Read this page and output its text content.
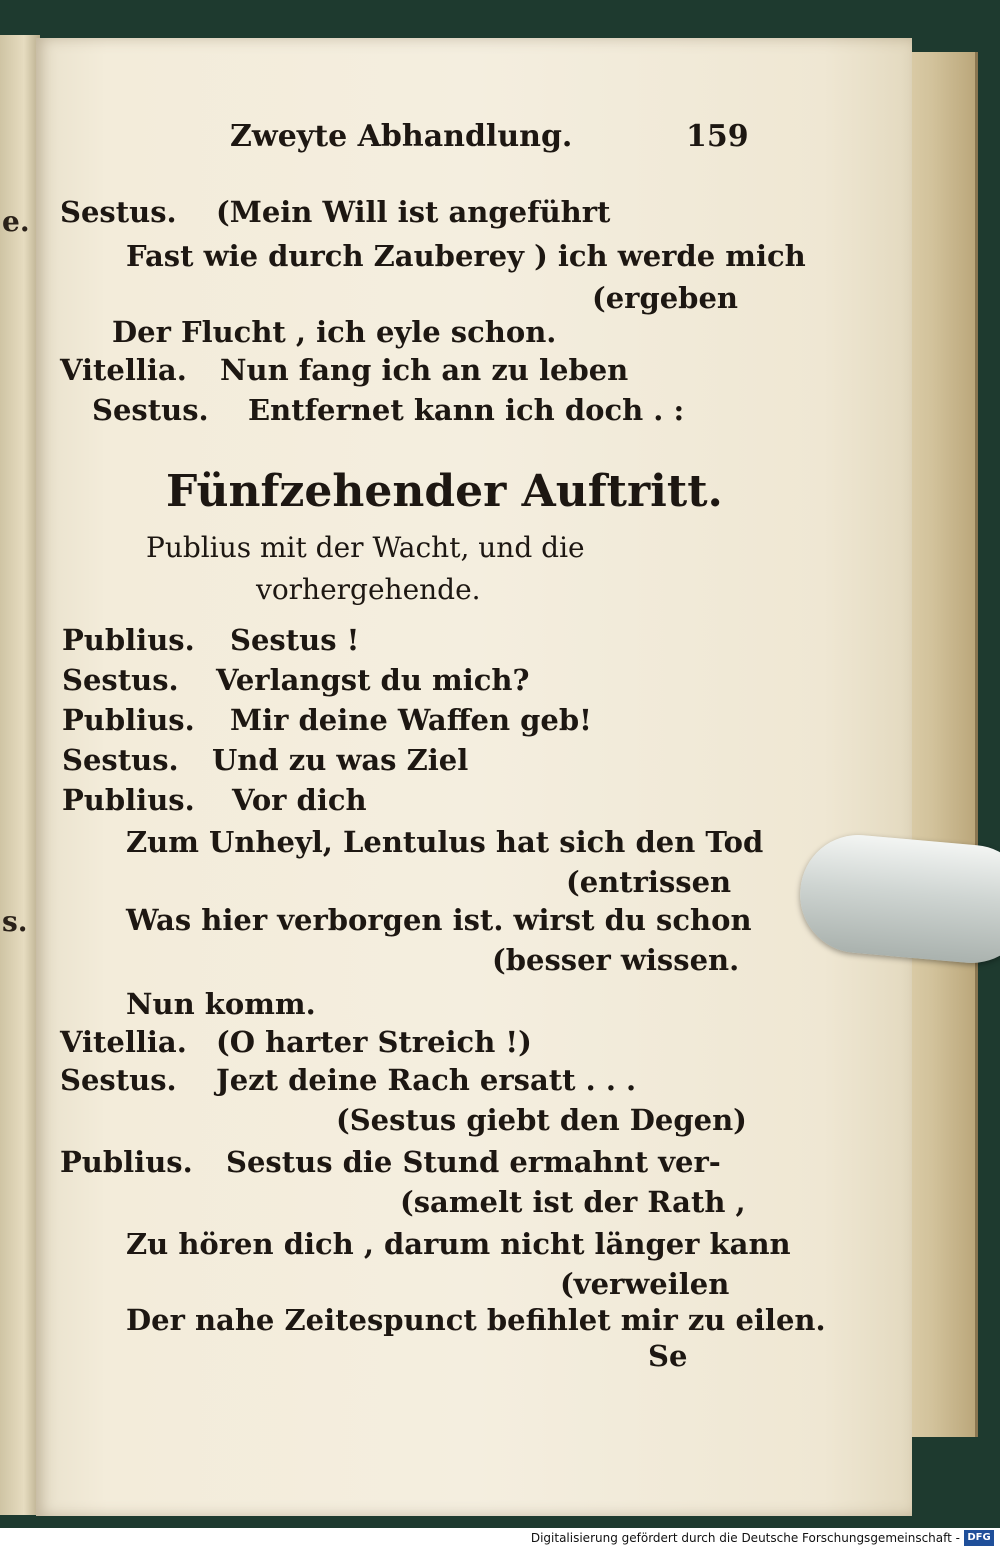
e.
s.
Zweyte Abhandlung.	159
Sestus. (Mein Will ist angeführt
Fast wie durch Zauberey ) ich werde mich
(ergeben
Der Flucht , ich eyle schon.
Vitellia. Nun fang ich an zu leben
Sestus. Entfernet kann ich doch . :
Fünfzehender Auftritt.
Publius mit der Wacht, und die
vorhergehende.
Publius. Sestus !
Sestus. Verlangst du mich?
Publius. Mir deine Waffen geb!
Sestus. Und zu was Ziel
Publius. Vor dich
Zum Unheyl, Lentulus hat sich den Tod
(entrissen
Was hier verborgen ist. wirst du schon
(besser wissen.
Nun komm.
Vitellia. (O harter Streich !)
Sestus. Jezt deine Rach ersatt . . .
(Sestus giebt den Degen)
Publius. Sestus die Stund ermahnt ver-
(samelt ist der Rath ,
Zu hören dich , darum nicht länger kann
(verweilen
Der nahe Zeitespunct befihlet mir zu eilen.
Se
Digitalisierung gefördert durch die Deutsche Forschungsgemeinschaft - DFG
